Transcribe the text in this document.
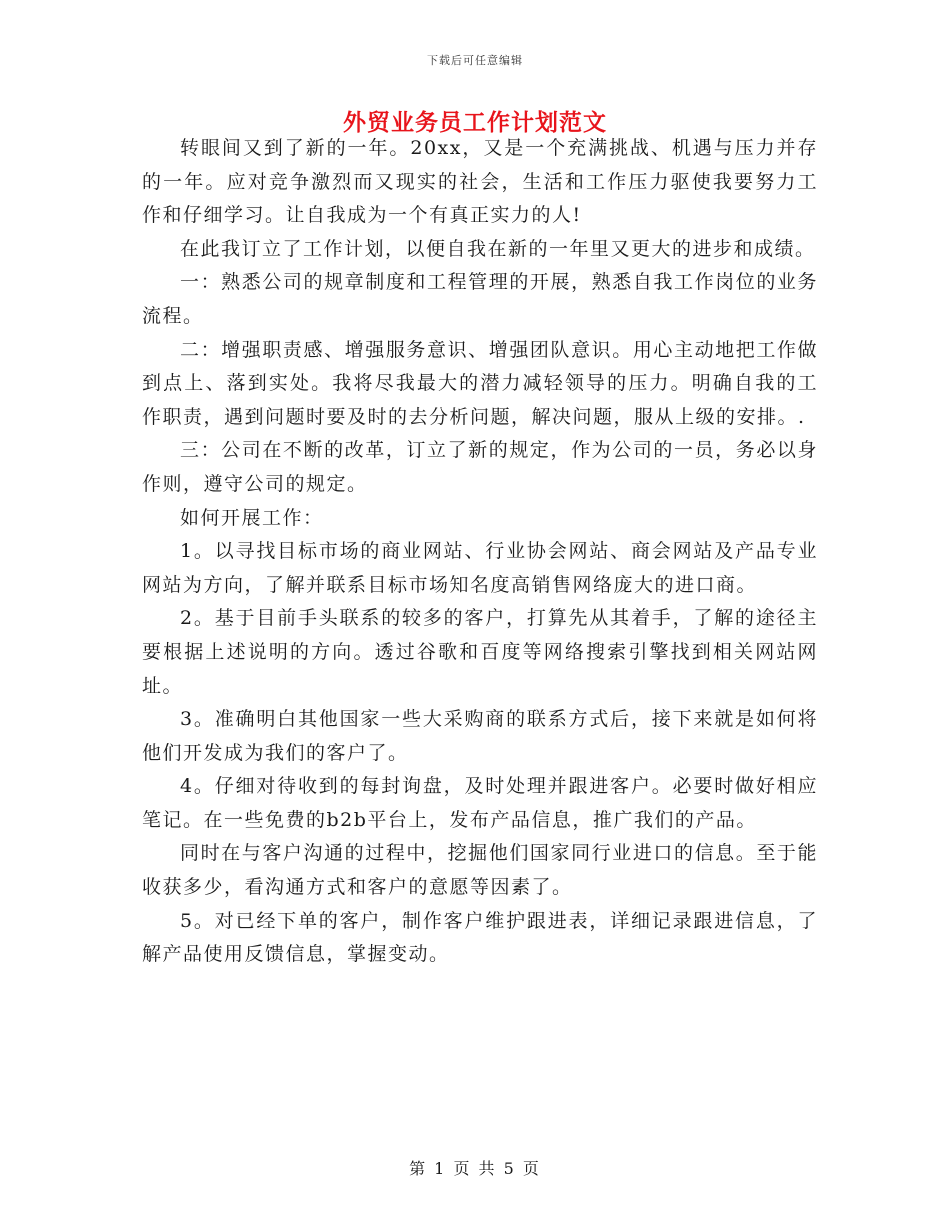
下载后可任意编辑
外贸业务员工作计划范文

转眼间又到了新的一年。20xx，又是一个充满挑战、机遇与压力并存的一年。应对竞争激烈而又现实的社会，生活和工作压力驱使我要努力工作和仔细学习。让自我成为一个有真正实力的人!

在此我订立了工作计划，以便自我在新的一年里又更大的进步和成绩。

一：熟悉公司的规章制度和工程管理的开展，熟悉自我工作岗位的业务流程。

二：增强职责感、增强服务意识、增强团队意识。用心主动地把工作做到点上、落到实处。我将尽我最大的潜力减轻领导的压力。明确自我的工作职责，遇到问题时要及时的去分析问题，解决问题，服从上级的安排。.

三：公司在不断的改革，订立了新的规定，作为公司的一员，务必以身作则，遵守公司的规定。

如何开展工作：

1。以寻找目标市场的商业网站、行业协会网站、商会网站及产品专业网站为方向，了解并联系目标市场知名度高销售网络庞大的进口商。

2。基于目前手头联系的较多的客户，打算先从其着手，了解的途径主要根据上述说明的方向。透过谷歌和百度等网络搜索引擎找到相关网站网址。

3。准确明白其他国家一些大采购商的联系方式后，接下来就是如何将他们开发成为我们的客户了。

4。仔细对待收到的每封询盘，及时处理并跟进客户。必要时做好相应笔记。在一些免费的b2b平台上，发布产品信息，推广我们的产品。

同时在与客户沟通的过程中，挖掘他们国家同行业进口的信息。至于能收获多少，看沟通方式和客户的意愿等因素了。

5。对已经下单的客户，制作客户维护跟进表，详细记录跟进信息，了解产品使用反馈信息，掌握变动。

第 1 页 共 5 页
